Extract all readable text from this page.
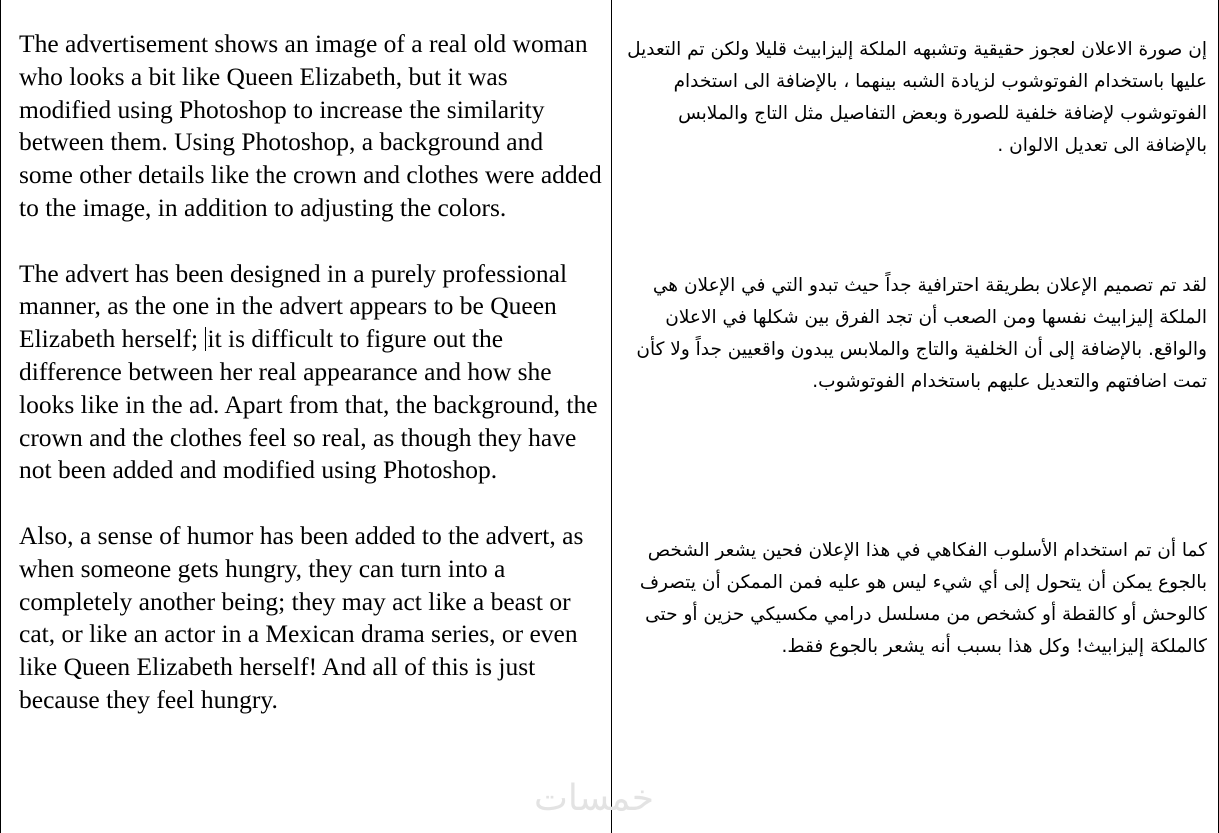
The advertisement shows an image of a real old woman who looks a bit like Queen Elizabeth, but it was modified using Photoshop to increase the similarity between them. Using Photoshop, a background and some other details like the crown and clothes were added to the image, in addition to adjusting the colors.

The advert has been designed in a purely professional manner, as the one in the advert appears to be Queen Elizabeth herself; it is difficult to figure out the difference between her real appearance and how she looks like in the ad. Apart from that, the background, the crown and the clothes feel so real, as though they have not been added and modified using Photoshop.

Also, a sense of humor has been added to the advert, as when someone gets hungry, they can turn into a completely another being; they may act like a beast or cat, or like an actor in a Mexican drama series, or even like Queen Elizabeth herself! And all of this is just because they feel hungry.

إن صورة الاعلان لعجوز حقيقية وتشبهه الملكة إليزابيث قليلا ولكن تم التعديل عليها باستخدام الفوتوشوب لزيادة الشبه بينهما ، بالإضافة الى استخدام الفوتوشوب لإضافة خلفية للصورة وبعض التفاصيل مثل التاج والملابس بالإضافة الى تعديل الالوان .

لقد تم تصميم الإعلان بطريقة احترافية جداً حيث تبدو التي في الإعلان هي الملكة إليزابيث نفسها ومن الصعب أن تجد الفرق بين شكلها في الاعلان والواقع. بالإضافة إلى أن الخلفية والتاج والملابس يبدون واقعيين جداً ولا كأن تمت اضافتهم والتعديل عليهم باستخدام الفوتوشوب.

كما أن تم استخدام الأسلوب الفكاهي في هذا الإعلان فحين يشعر الشخص بالجوع يمكن أن يتحول إلى أي شيء ليس هو عليه فمن الممكن أن يتصرف كالوحش أو كالقطة أو كشخص من مسلسل درامي مكسيكي حزين أو حتى كالملكة إليزابيث! وكل هذا بسبب أنه يشعر بالجوع فقط.

خمسات
